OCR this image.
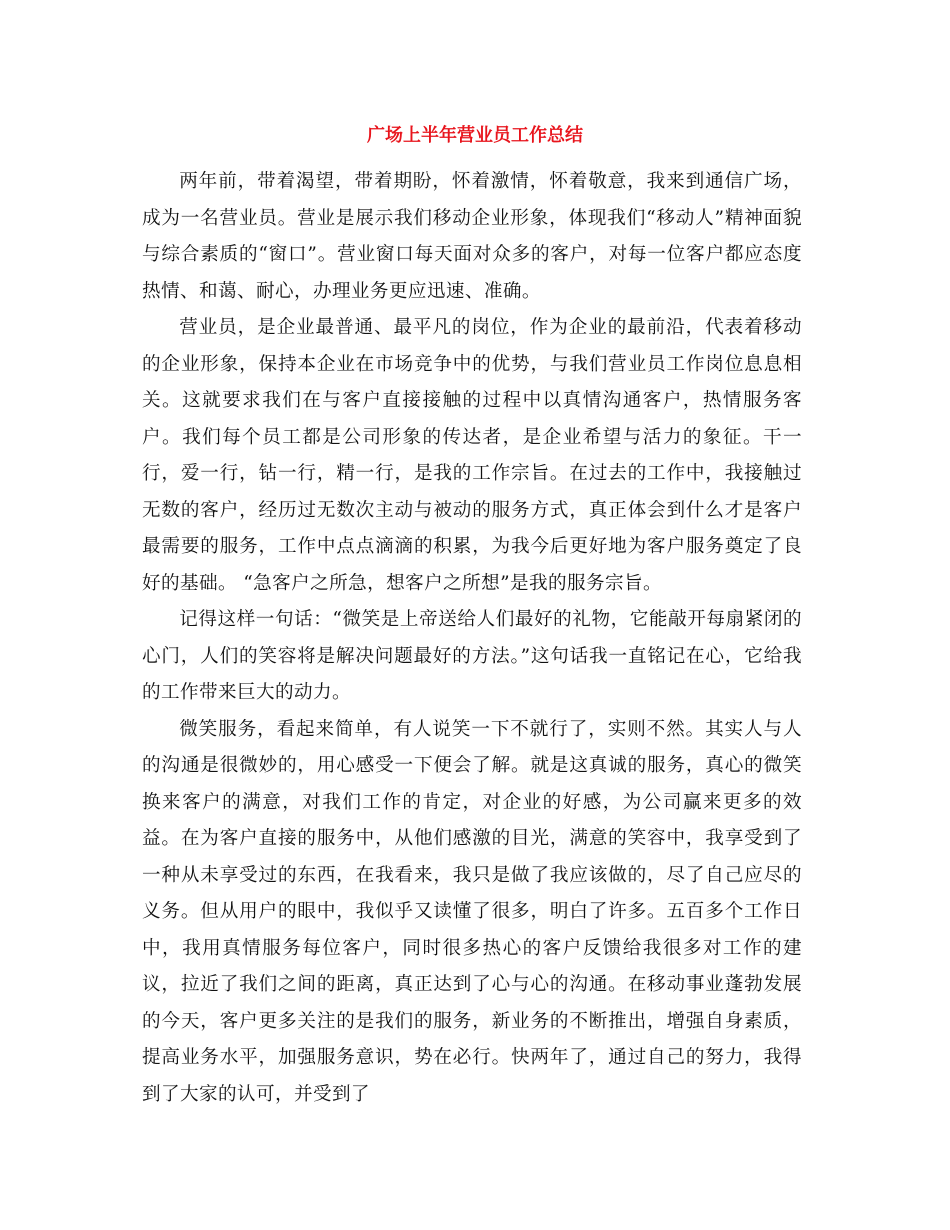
广场上半年营业员工作总结

两年前，带着渴望，带着期盼，怀着激情，怀着敬意，我来到通信广场，成为一名营业员。营业是展示我们移动企业形象，体现我们“移动人”精神面貌与综合素质的“窗口”。营业窗口每天面对众多的客户，对每一位客户都应态度热情、和蔼、耐心，办理业务更应迅速、准确。

营业员，是企业最普通、最平凡的岗位，作为企业的最前沿，代表着移动的企业形象，保持本企业在市场竞争中的优势，与我们营业员工作岗位息息相关。这就要求我们在与客户直接接触的过程中以真情沟通客户，热情服务客户。我们每个员工都是公司形象的传达者，是企业希望与活力的象征。干一行，爱一行，钻一行，精一行，是我的工作宗旨。在过去的工作中，我接触过无数的客户，经历过无数次主动与被动的服务方式，真正体会到什么才是客户最需要的服务，工作中点点滴滴的积累，为我今后更好地为客户服务奠定了良好的基础。 “急客户之所急，想客户之所想”是我的服务宗旨。

记得这样一句话：“微笑是上帝送给人们最好的礼物，它能敲开每扇紧闭的心门，人们的笑容将是解决问题最好的方法。”这句话我一直铭记在心，它给我的工作带来巨大的动力。

微笑服务，看起来简单，有人说笑一下不就行了，实则不然。其实人与人的沟通是很微妙的，用心感受一下便会了解。就是这真诚的服务，真心的微笑换来客户的满意，对我们工作的肯定，对企业的好感，为公司赢来更多的效益。在为客户直接的服务中，从他们感激的目光，满意的笑容中，我享受到了一种从未享受过的东西，在我看来，我只是做了我应该做的，尽了自己应尽的义务。但从用户的眼中，我似乎又读懂了很多，明白了许多。五百多个工作日中，我用真情服务每位客户，同时很多热心的客户反馈给我很多对工作的建议，拉近了我们之间的距离，真正达到了心与心的沟通。在移动事业蓬勃发展的今天，客户更多关注的是我们的服务，新业务的不断推出，增强自身素质，提高业务水平，加强服务意识，势在必行。快两年了，通过自己的努力，我得到了大家的认可，并受到了
